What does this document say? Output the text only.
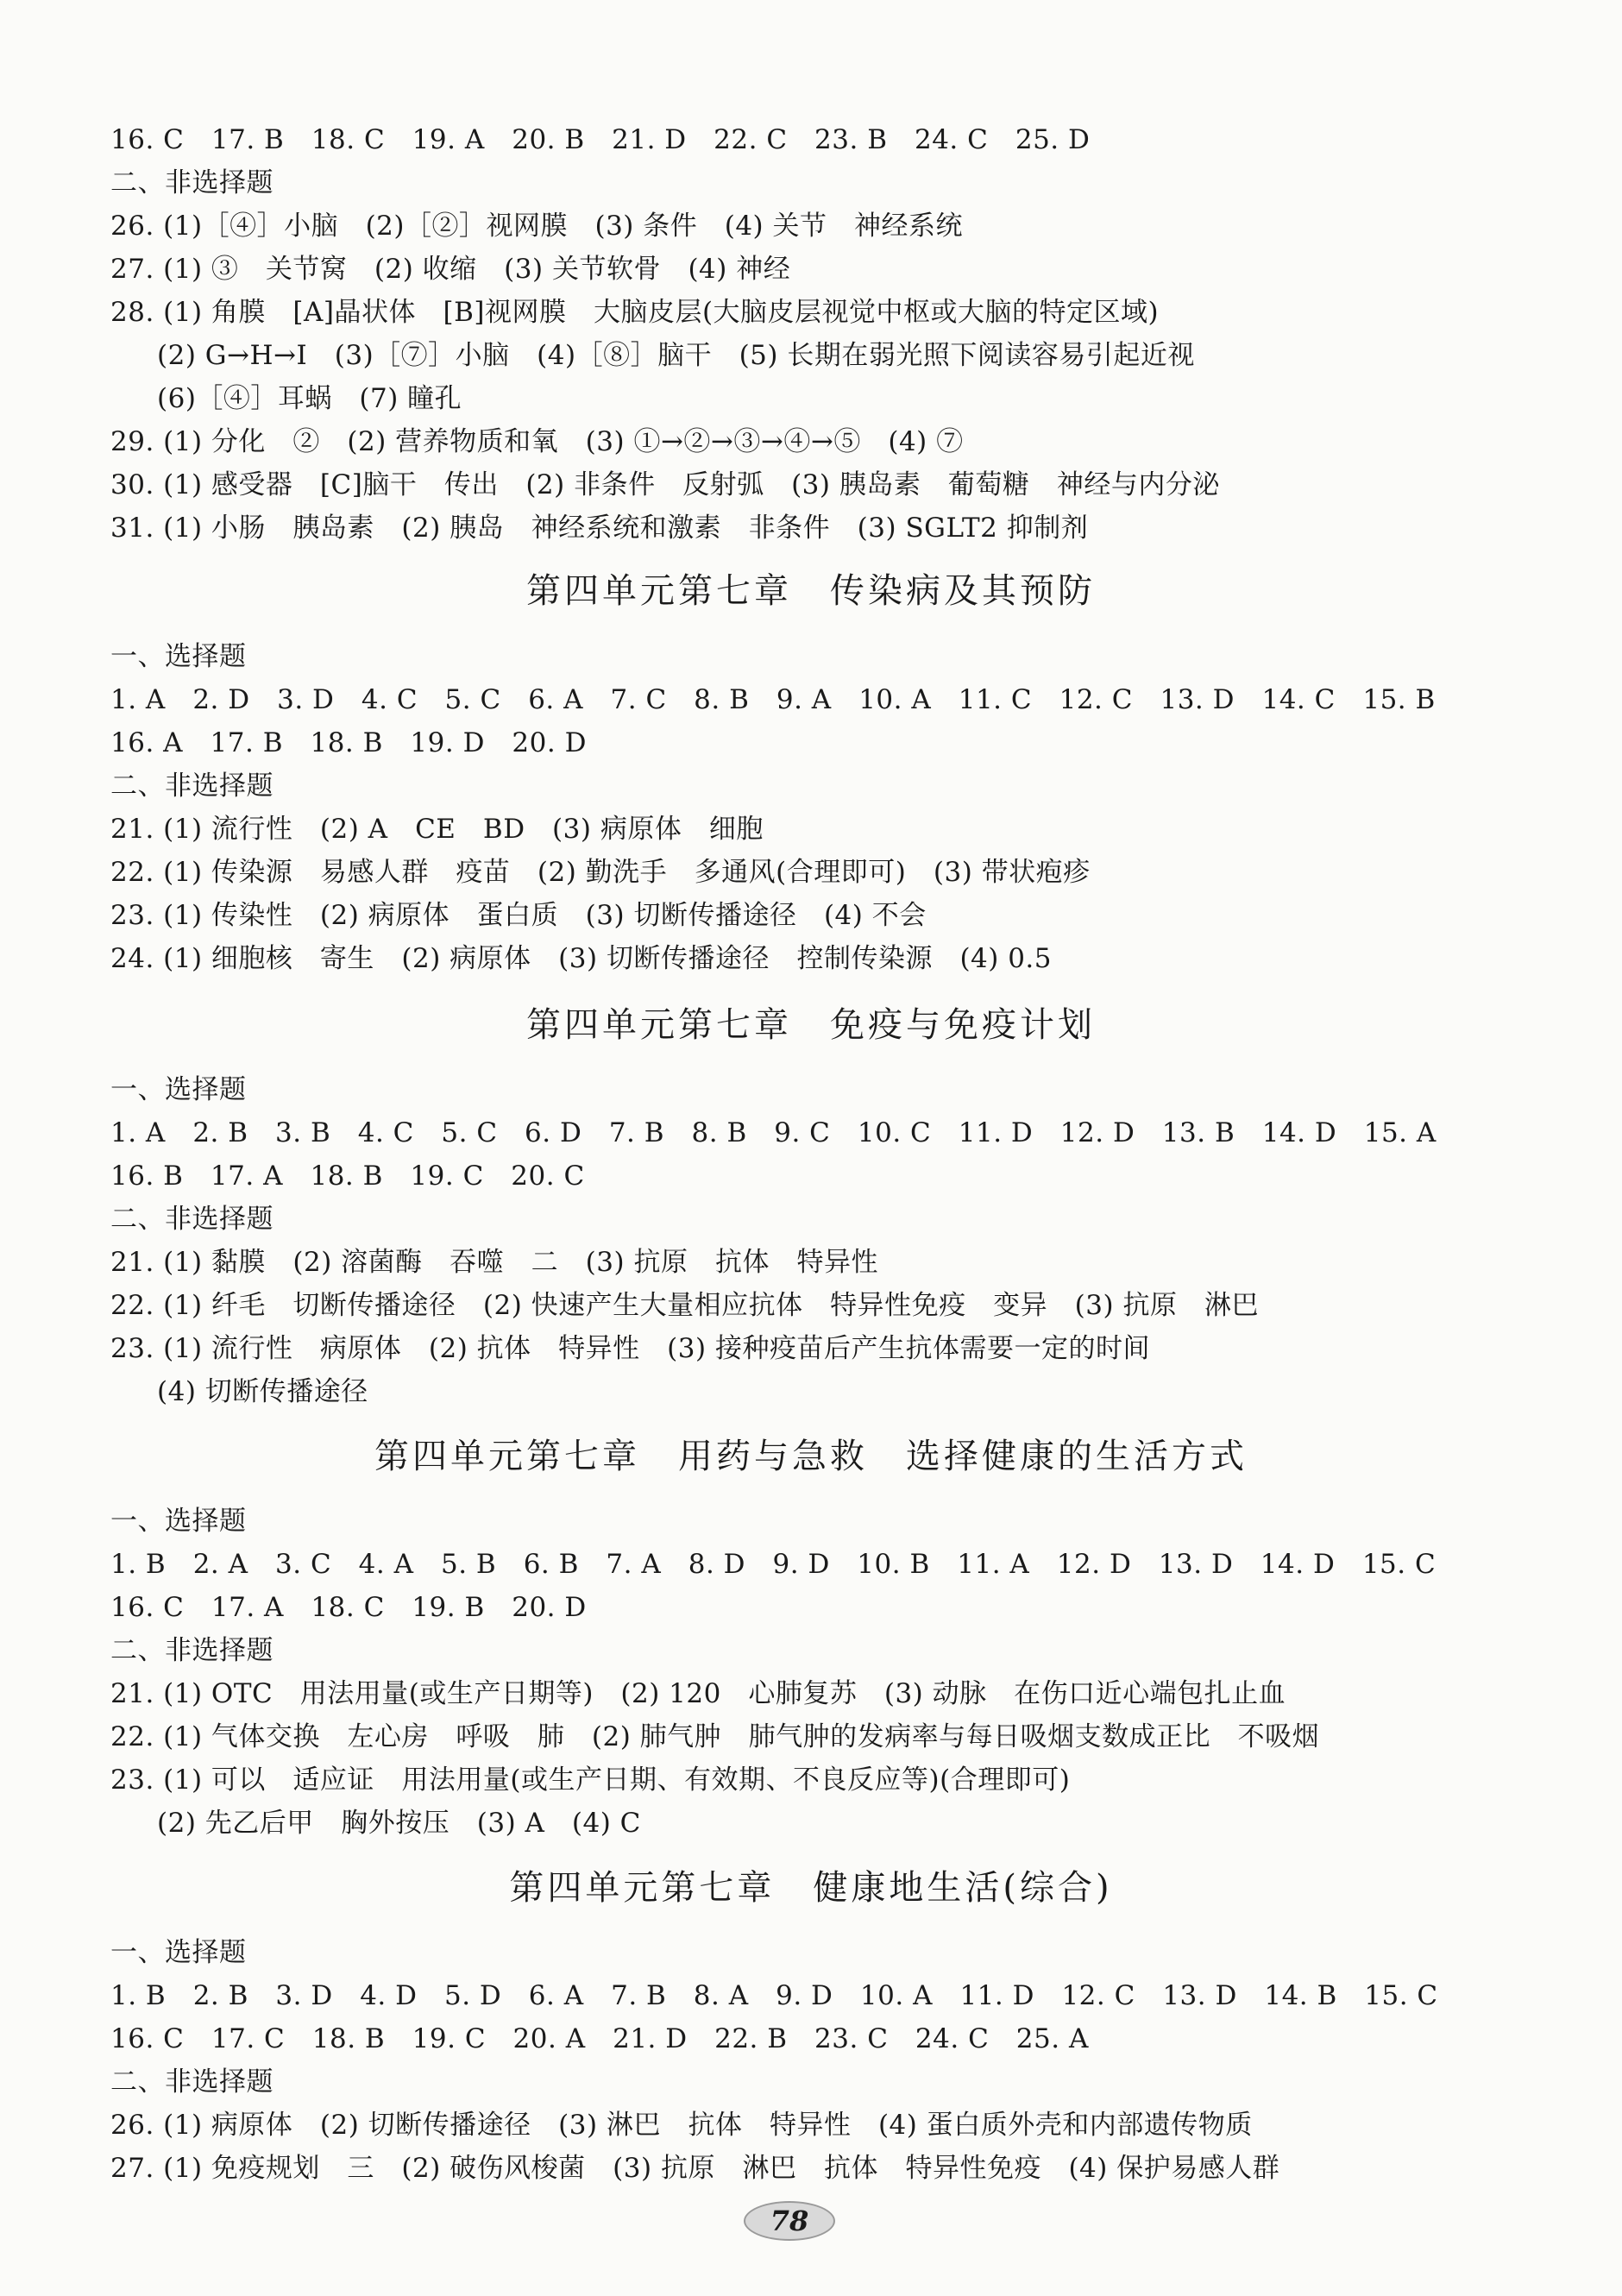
16. C　17. B　18. C　19. A　20. B　21. D　22. C　23. B　24. C　25. D
二、非选择题
26. (1)［④］小脑　(2)［②］视网膜　(3) 条件　(4) 关节　神经系统
27. (1) ③　关节窝　(2) 收缩　(3) 关节软骨　(4) 神经
28. (1) 角膜　[A]晶状体　[B]视网膜　大脑皮层(大脑皮层视觉中枢或大脑的特定区域)
(2) G→H→I　(3)［⑦］小脑　(4)［⑧］脑干　(5) 长期在弱光照下阅读容易引起近视
(6)［④］耳蜗　(7) 瞳孔
29. (1) 分化　②　(2) 营养物质和氧　(3) ①→②→③→④→⑤　(4) ⑦
30. (1) 感受器　[C]脑干　传出　(2) 非条件　反射弧　(3) 胰岛素　葡萄糖　神经与内分泌
31. (1) 小肠　胰岛素　(2) 胰岛　神经系统和激素　非条件　(3) SGLT2 抑制剂
第四单元第七章　传染病及其预防
一、选择题
1. A　2. D　3. D　4. C　5. C　6. A　7. C　8. B　9. A　10. A　11. C　12. C　13. D　14. C　15. B
16. A　17. B　18. B　19. D　20. D
二、非选择题
21. (1) 流行性　(2) A　CE　BD　(3) 病原体　细胞
22. (1) 传染源　易感人群　疫苗　(2) 勤洗手　多通风(合理即可)　(3) 带状疱疹
23. (1) 传染性　(2) 病原体　蛋白质　(3) 切断传播途径　(4) 不会
24. (1) 细胞核　寄生　(2) 病原体　(3) 切断传播途径　控制传染源　(4) 0.5
第四单元第七章　免疫与免疫计划
一、选择题
1. A　2. B　3. B　4. C　5. C　6. D　7. B　8. B　9. C　10. C　11. D　12. D　13. B　14. D　15. A
16. B　17. A　18. B　19. C　20. C
二、非选择题
21. (1) 黏膜　(2) 溶菌酶　吞噬　二　(3) 抗原　抗体　特异性
22. (1) 纤毛　切断传播途径　(2) 快速产生大量相应抗体　特异性免疫　变异　(3) 抗原　淋巴
23. (1) 流行性　病原体　(2) 抗体　特异性　(3) 接种疫苗后产生抗体需要一定的时间
(4) 切断传播途径
第四单元第七章　用药与急救　选择健康的生活方式
一、选择题
1. B　2. A　3. C　4. A　5. B　6. B　7. A　8. D　9. D　10. B　11. A　12. D　13. D　14. D　15. C
16. C　17. A　18. C　19. B　20. D
二、非选择题
21. (1) OTC　用法用量(或生产日期等)　(2) 120　心肺复苏　(3) 动脉　在伤口近心端包扎止血
22. (1) 气体交换　左心房　呼吸　肺　(2) 肺气肿　肺气肿的发病率与每日吸烟支数成正比　不吸烟
23. (1) 可以　适应证　用法用量(或生产日期、有效期、不良反应等)(合理即可)
(2) 先乙后甲　胸外按压　(3) A　(4) C
第四单元第七章　健康地生活(综合)
一、选择题
1. B　2. B　3. D　4. D　5. D　6. A　7. B　8. A　9. D　10. A　11. D　12. C　13. D　14. B　15. C
16. C　17. C　18. B　19. C　20. A　21. D　22. B　23. C　24. C　25. A
二、非选择题
26. (1) 病原体　(2) 切断传播途径　(3) 淋巴　抗体　特异性　(4) 蛋白质外壳和内部遗传物质
27. (1) 免疫规划　三　(2) 破伤风梭菌　(3) 抗原　淋巴　抗体　特异性免疫　(4) 保护易感人群
78
